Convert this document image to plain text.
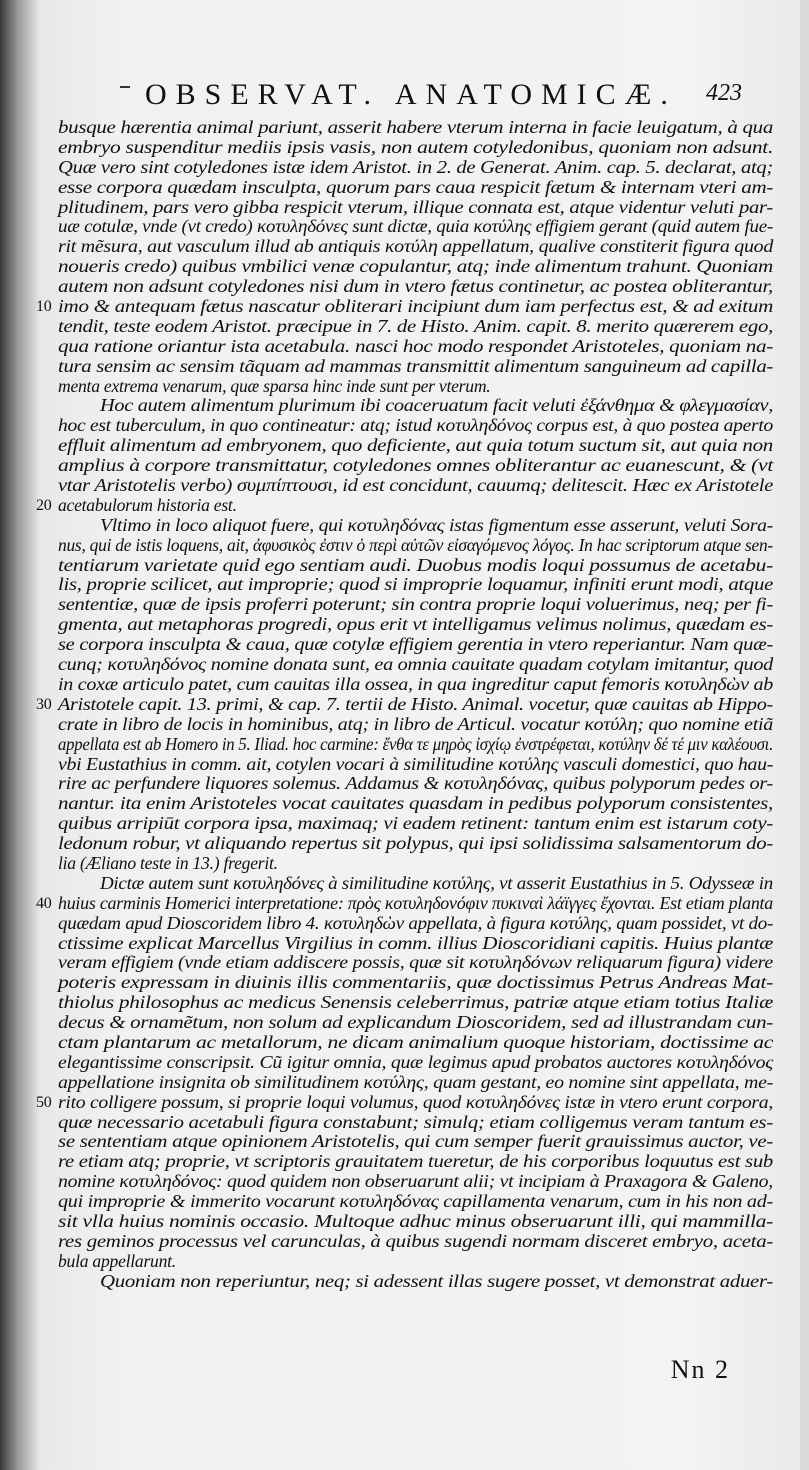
OBSERVAT. ANATOMICÆ. 423
busque hærentia animal pariunt, asserit habere vterum interna in facie leuigatum, à qua
embryo suspenditur mediis ipsis vasis, non autem cotyledonibus, quoniam non adsunt.
Quæ vero sint cotyledones istæ idem Aristot. in 2. de Generat. Anim. cap. 5. declarat, atq;
esse corpora quædam insculpta, quorum pars caua respicit fætum & internam vteri am-
plitudinem, pars vero gibba respicit vterum, illique connata est, atque videntur veluti par-
uæ cotulæ, vnde (vt credo) κοτυληδόνες sunt dictæ, quia κοτύλης effigiem gerant (quid autem fue-
rit mẽsura, aut vasculum illud ab antiquis κοτύλη appellatum, qualive constiterit figura quod
noueris credo) quibus vmbilici venæ copulantur, atq; inde alimentum trahunt. Quoniam
autem non adsunt cotyledones nisi dum in vtero fætus continetur, ac postea obliterantur,
imo & antequam fætus nascatur obliterari incipiunt dum iam perfectus est, & ad exitum
10
tendit, teste eodem Aristot. præcipue in 7. de Histo. Anim. capit. 8. merito quærerem ego,
qua ratione oriantur ista acetabula. nasci hoc modo respondet Aristoteles, quoniam na-
tura sensim ac sensim tãquam ad mammas transmittit alimentum sanguineum ad capilla-
menta extrema venarum, quæ sparsa hinc inde sunt per vterum.
Hoc autem alimentum plurimum ibi coaceruatum facit veluti ἐξάνθημα & φλεγμασίαν,
hoc est tuberculum, in quo contineatur: atq; istud κοτυληδόνος corpus est, à quo postea aperto
effluit alimentum ad embryonem, quo deficiente, aut quia totum suctum sit, aut quia non
amplius à corpore transmittatur, cotyledones omnes obliterantur ac euanescunt, & (vt
vtar Aristotelis verbo) συμπίπτουσι, id est concidunt, cauumq; delitescit. Hæc ex Aristotele
acetabulorum historia est.
20
Vltimo in loco aliquot fuere, qui κοτυληδόνας istas figmentum esse asserunt, veluti Sora-
nus, qui de istis loquens, ait, ἀφυσικὸς ἐστιν ὁ περὶ αὐτῶν εἰσαγόμενος λόγος. In hac scriptorum atque sen-
tentiarum varietate quid ego sentiam audi. Duobus modis loqui possumus de acetabu-
lis, proprie scilicet, aut improprie; quod si improprie loquamur, infiniti erunt modi, atque
sententiæ, quæ de ipsis proferri poterunt; sin contra proprie loqui voluerimus, neq; per fi-
gmenta, aut metaphoras progredi, opus erit vt intelligamus velimus nolimus, quædam es-
se corpora insculpta & caua, quæ cotylæ effigiem gerentia in vtero reperiantur. Nam quæ-
cunq; κοτυληδόνος nomine donata sunt, ea omnia cauitate quadam cotylam imitantur, quod
in coxæ articulo patet, cum cauitas illa ossea, in qua ingreditur caput femoris κοτυληδὼν ab
Aristotele capit. 13. primi, & cap. 7. tertii de Histo. Animal. vocetur, quæ cauitas ab Hippo-
30
crate in libro de locis in hominibus, atq; in libro de Articul. vocatur κοτύλη; quo nomine etiã
appellata est ab Homero in 5. Iliad. hoc carmine: ἔνθα τε μηρὸς ἰσχίῳ ἐνστρέφεται, κοτύλην δέ τέ μιν καλέουσι.
vbi Eustathius in comm. ait, cotylen vocari à similitudine κοτύλης vasculi domestici, quo hau-
rire ac perfundere liquores solemus. Addamus & κοτυληδόνας, quibus polyporum pedes or-
nantur. ita enim Aristoteles vocat cauitates quasdam in pedibus polyporum consistentes,
quibus arripiūt corpora ipsa, maximaq; vi eadem retinent: tantum enim est istarum coty-
ledonum robur, vt aliquando repertus sit polypus, qui ipsi solidissima salsamentorum do-
lia (Æliano teste in 13.) fregerit.
Dictæ autem sunt κοτυληδόνες à similitudine κοτύλης, vt asserit Eustathius in 5. Odysseæ in
huius carminis Homerici interpretatione: πρὸς κοτυληδονόφιν πυκιναὶ λάϊγγες ἔχονται. Est etiam planta
40
quædam apud Dioscoridem libro 4. κοτυληδὼν appellata, à figura κοτύλης, quam possidet, vt do-
ctissime explicat Marcellus Virgilius in comm. illius Dioscoridiani capitis. Huius plantæ
veram effigiem (vnde etiam addiscere possis, quæ sit κοτυληδόνων reliquarum figura) videre
poteris expressam in diuinis illis commentariis, quæ doctissimus Petrus Andreas Mat-
thiolus philosophus ac medicus Senensis celeberrimus, patriæ atque etiam totius Italiæ
decus & ornamẽtum, non solum ad explicandum Dioscoridem, sed ad illustrandam cun-
ctam plantarum ac metallorum, ne dicam animalium quoque historiam, doctissime ac
elegantissime conscripsit. Cũ igitur omnia, quæ legimus apud probatos auctores κοτυληδόνος
appellatione insignita ob similitudinem κοτύλης, quam gestant, eo nomine sint appellata, me-
rito colligere possum, si proprie loqui volumus, quod κοτυληδόνες istæ in vtero erunt corpora,
50
quæ necessario acetabuli figura constabunt; simulq; etiam colligemus veram tantum es-
se sententiam atque opinionem Aristotelis, qui cum semper fuerit grauissimus auctor, ve-
re etiam atq; proprie, vt scriptoris grauitatem tueretur, de his corporibus loquutus est sub
nomine κοτυληδόνος: quod quidem non obseruarunt alii; vt incipiam à Praxagora & Galeno,
qui improprie & immerito vocarunt κοτυληδόνας capillamenta venarum, cum in his non ad-
sit vlla huius nominis occasio. Multoque adhuc minus obseruarunt illi, qui mammilla-
res geminos processus vel carunculas, à quibus sugendi normam disceret embryo, aceta-
bula appellarunt.
Quoniam non reperiuntur, neq; si adessent illas sugere posset, vt demonstrat aduer-
Nn 2
